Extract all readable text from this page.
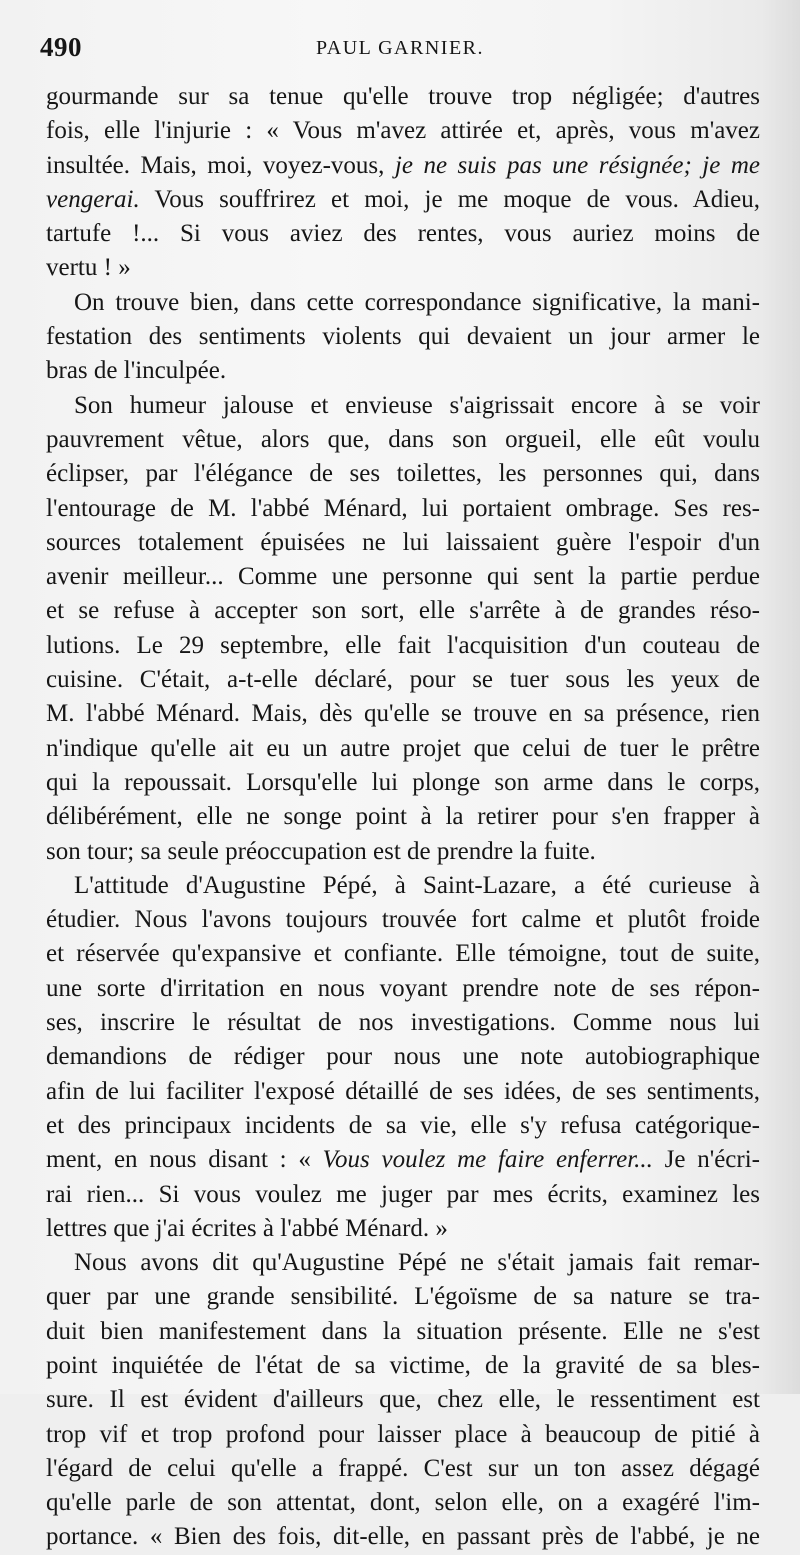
490	PAUL GARNIER.
gourmande sur sa tenue qu'elle trouve trop négligée; d'autres
fois, elle l'injurie : « Vous m'avez attirée et, après, vous m'avez
insultée. Mais, moi, voyez-vous, je ne suis pas une résignée; je me
vengerai. Vous souffrirez et moi, je me moque de vous. Adieu,
tartufe !... Si vous aviez des rentes, vous auriez moins de
vertu ! »
On trouve bien, dans cette correspondance significative, la mani-
festation des sentiments violents qui devaient un jour armer le
bras de l'inculpée.
Son humeur jalouse et envieuse s'aigrissait encore à se voir
pauvrement vêtue, alors que, dans son orgueil, elle eût voulu
éclipser, par l'élégance de ses toilettes, les personnes qui, dans
l'entourage de M. l'abbé Ménard, lui portaient ombrage. Ses res-
sources totalement épuisées ne lui laissaient guère l'espoir d'un
avenir meilleur... Comme une personne qui sent la partie perdue
et se refuse à accepter son sort, elle s'arrête à de grandes réso-
lutions. Le 29 septembre, elle fait l'acquisition d'un couteau de
cuisine. C'était, a-t-elle déclaré, pour se tuer sous les yeux de
M. l'abbé Ménard. Mais, dès qu'elle se trouve en sa présence, rien
n'indique qu'elle ait eu un autre projet que celui de tuer le prêtre
qui la repoussait. Lorsqu'elle lui plonge son arme dans le corps,
délibérément, elle ne songe point à la retirer pour s'en frapper à
son tour; sa seule préoccupation est de prendre la fuite.
L'attitude d'Augustine Pépé, à Saint-Lazare, a été curieuse à
étudier. Nous l'avons toujours trouvée fort calme et plutôt froide
et réservée qu'expansive et confiante. Elle témoigne, tout de suite,
une sorte d'irritation en nous voyant prendre note de ses répon-
ses, inscrire le résultat de nos investigations. Comme nous lui
demandions de rédiger pour nous une note autobiographique
afin de lui faciliter l'exposé détaillé de ses idées, de ses sentiments,
et des principaux incidents de sa vie, elle s'y refusa catégorique-
ment, en nous disant : « Vous voulez me faire enferrer... Je n'écri-
rai rien... Si vous voulez me juger par mes écrits, examinez les
lettres que j'ai écrites à l'abbé Ménard. »
Nous avons dit qu'Augustine Pépé ne s'était jamais fait remar-
quer par une grande sensibilité. L'égoïsme de sa nature se tra-
duit bien manifestement dans la situation présente. Elle ne s'est
point inquiétée de l'état de sa victime, de la gravité de sa bles-
sure. Il est évident d'ailleurs que, chez elle, le ressentiment est
trop vif et trop profond pour laisser place à beaucoup de pitié à
l'égard de celui qu'elle a frappé. C'est sur un ton assez dégagé
qu'elle parle de son attentat, dont, selon elle, on a exagéré l'im-
portance. « Bien des fois, dit-elle, en passant près de l'abbé, je ne
